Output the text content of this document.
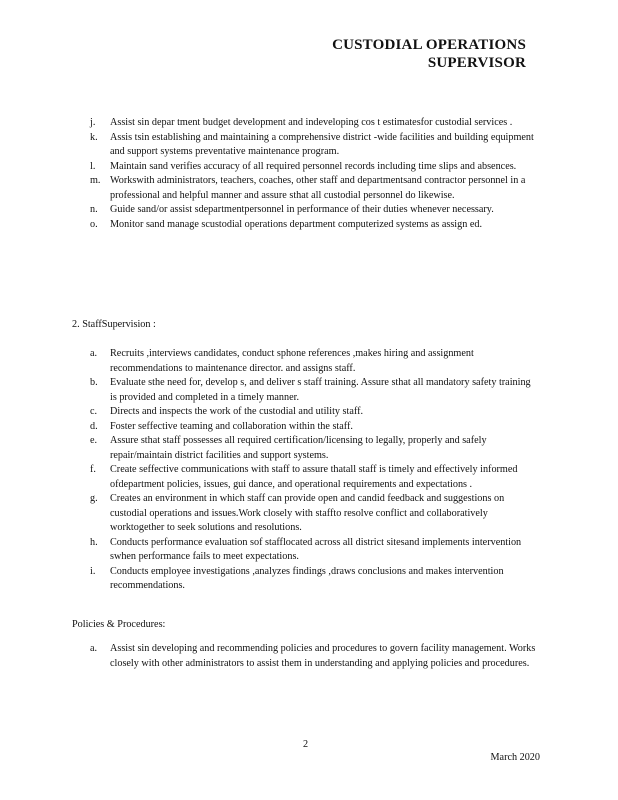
CUSTODIAL OPERATIONS
SUPERVISOR
j. Assist sin depar tment budget development and indeveloping cos t estimatesfor custodial services .
k. Assis tsin establishing and maintaining a comprehensive district -wide facilities and building equipment and support systems preventative maintenance program.
l. Maintain sand verifies accuracy of all required personnel records including time slips and absences.
m. Workswith administrators, teachers, coaches, other staff and departmentsand contractor personnel in a professional and helpful manner and assure sthat all custodial personnel do likewise.
n. Guide sand/or assist sdepartmentpersonnel in performance of their duties whenever necessary.
o. Monitor sand manage scustodial operations department computerized systems as assign ed.
2. StaffSupervision :
a. Recruits ,interviews candidates, conduct sphone references ,makes hiring and assignment recommendations to maintenance director. and assigns staff.
b. Evaluate sthe need for, develop s, and deliver s staff training. Assure sthat all mandatory safety training is provided and completed in a timely manner.
c. Directs and inspects the work of the custodial and utility staff.
d. Foster seffective teaming and collaboration within the staff.
e. Assure sthat staff possesses all required certification/licensing to legally, properly and safely repair/maintain district facilities and support systems.
f. Create seffective communications with staff to assure thatall staff is timely and effectively informed ofdepartment policies, issues, gui dance, and operational requirements and expectations .
g. Creates an environment in which staff can provide open and candid feedback and suggestions on custodial operations and issues.Work closely with staffto resolve conflict and collaboratively worktogether to seek solutions and resolutions.
h. Conducts performance evaluation sof stafflocated across all district sitesand implements intervention swhen performance fails to meet expectations.
i. Conducts employee investigations ,analyzes findings ,draws conclusions and makes intervention recommendations.
Policies & Procedures:
a. Assist sin developing and recommending policies and procedures to govern facility management. Works closely with other administrators to assist them in understanding and applying policies and procedures.
2
March 2020
